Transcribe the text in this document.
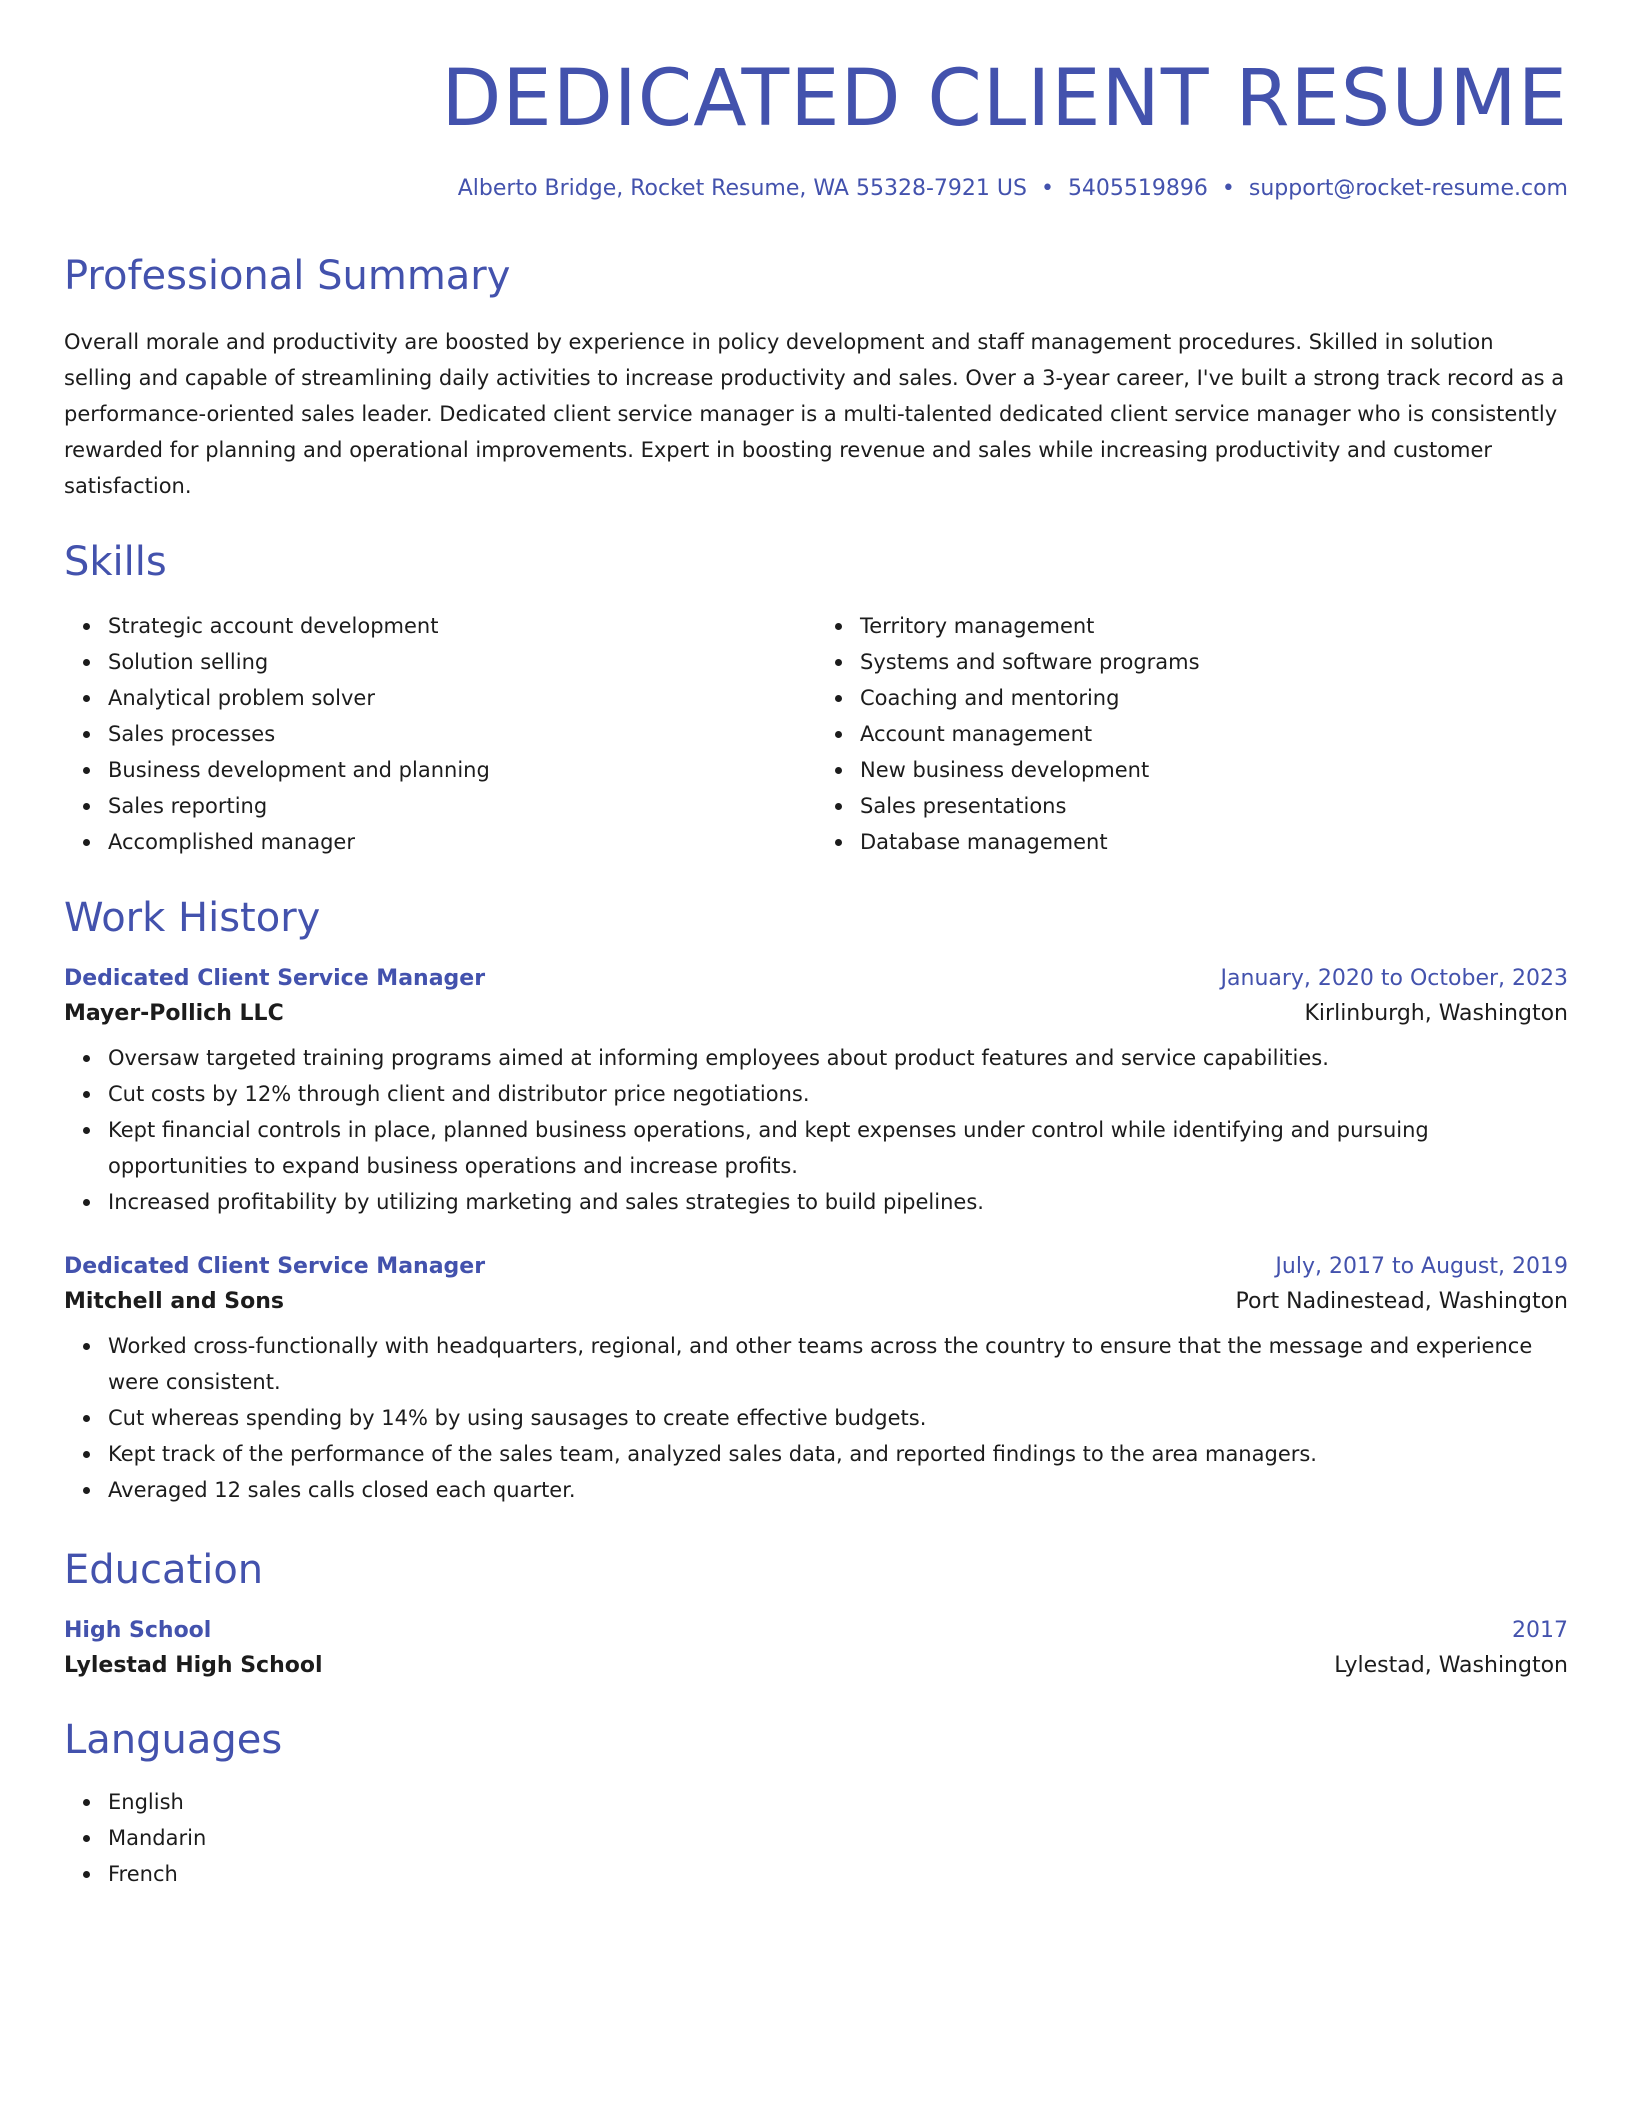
DEDICATED CLIENT RESUME
Alberto Bridge, Rocket Resume, WA 55328-7921 US • 5405519896 • support@rocket-resume.com
Professional Summary

Overall morale and productivity are boosted by experience in policy development and staff management procedures. Skilled in solution selling and capable of streamlining daily activities to increase productivity and sales. Over a 3-year career, I've built a strong track record as a performance-oriented sales leader. Dedicated client service manager is a multi-talented dedicated client service manager who is consistently rewarded for planning and operational improvements. Expert in boosting revenue and sales while increasing productivity and customer satisfaction.

Skills
Strategic account development
Solution selling
Analytical problem solver
Sales processes
Business development and planning
Sales reporting
Accomplished manager
Territory management
Systems and software programs
Coaching and mentoring
Account management
New business development
Sales presentations
Database management
Work History
Dedicated Client Service Manager	January, 2020 to October, 2023
Mayer-Pollich LLC	Kirlinburgh, Washington
Oversaw targeted training programs aimed at informing employees about product features and service capabilities.
Cut costs by 12% through client and distributor price negotiations.
Kept financial controls in place, planned business operations, and kept expenses under control while identifying and pursuing opportunities to expand business operations and increase profits.
Increased profitability by utilizing marketing and sales strategies to build pipelines.
Dedicated Client Service Manager	July, 2017 to August, 2019
Mitchell and Sons	Port Nadinestead, Washington
Worked cross-functionally with headquarters, regional, and other teams across the country to ensure that the message and experience were consistent.
Cut whereas spending by 14% by using sausages to create effective budgets.
Kept track of the performance of the sales team, analyzed sales data, and reported findings to the area managers.
Averaged 12 sales calls closed each quarter.
Education
High School	2017
Lylestad High School	Lylestad, Washington
Languages
English
Mandarin
French
